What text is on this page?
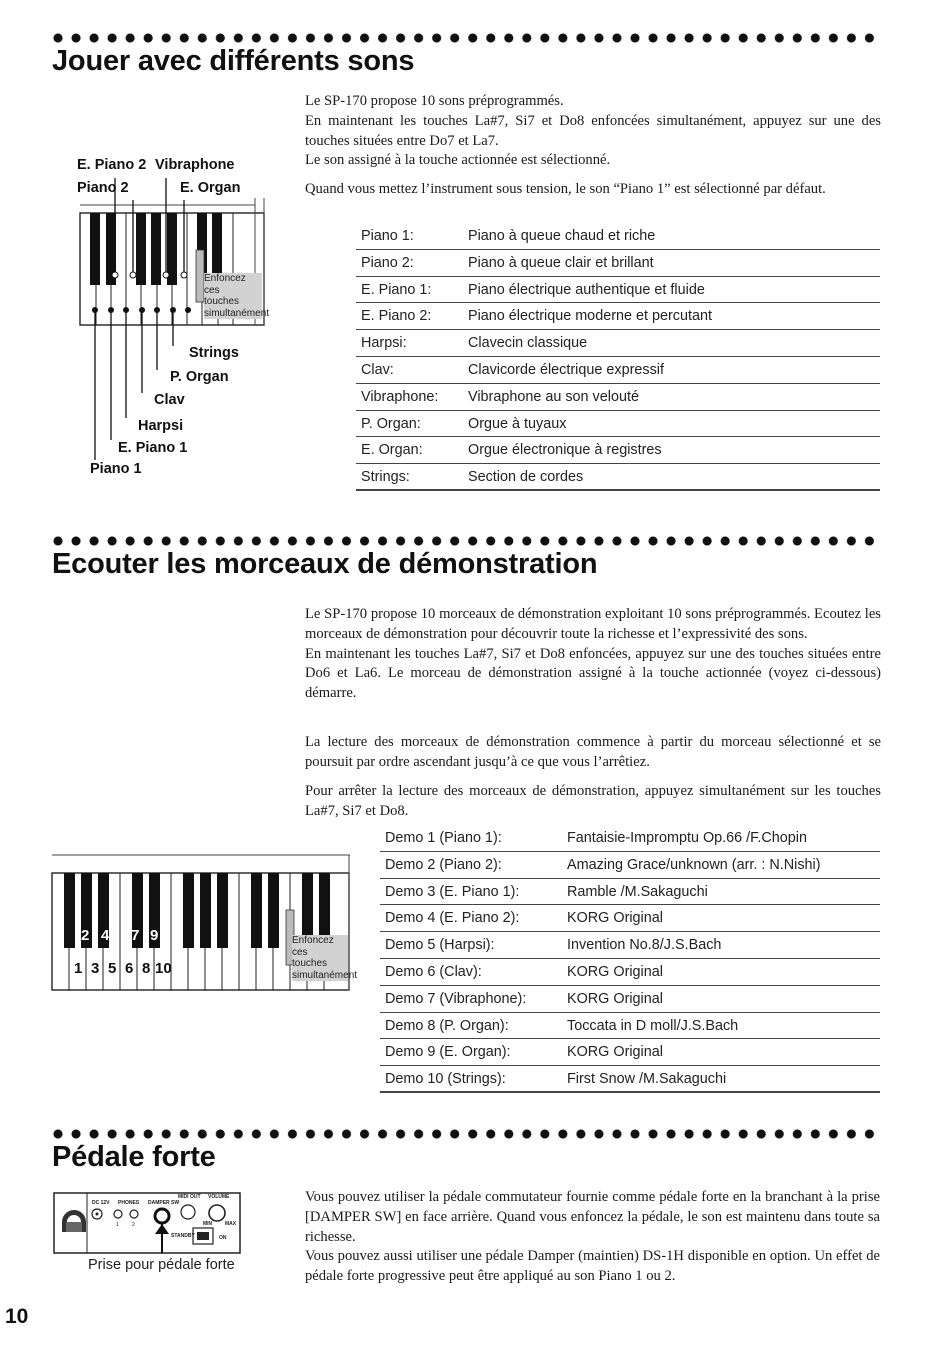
Jouer avec différents sons
Le SP-170 propose 10 sons préprogrammés.
En maintenant les touches La#7, Si7 et Do8 enfoncées simultanément, appuyez sur une des touches situées entre Do7 et La7.
Le son assigné à la touche actionnée est sélectionné.
Quand vous mettez l’instrument sous tension, le son “Piano 1” est sélectionné par défaut.
E. Piano 2 Vibraphone
Piano 2	E. Organ
Strings
P. Organ
Clav
Harpsi
E. Piano 1
Piano 1
Enfoncez
ces
touches
simultanément
Piano 1:	Piano à queue chaud et riche
Piano 2:	Piano à queue clair et brillant
E. Piano 1:	Piano électrique authentique et fluide
E. Piano 2:	Piano électrique moderne et percutant
Harpsi:	Clavecin classique
Clav:	Clavicorde électrique expressif
Vibraphone: Vibraphone au son velouté
P. Organ:	Orgue à tuyaux
E. Organ:	Orgue électronique à registres
Strings:	Section de cordes
Ecouter les morceaux de démonstration
Le SP-170 propose 10 morceaux de démonstration exploitant 10 sons préprogrammés. Ecoutez les morceaux de démonstration pour découvrir toute la richesse et l’expressivité des sons.
En maintenant les touches La#7, Si7 et Do8 enfoncées, appuyez sur une des touches situées entre Do6 et La6. Le morceau de démonstration assigné à la touche actionnée (voyez ci-dessous) démarre.
La lecture des morceaux de démonstration commence à partir du morceau sélectionné et se poursuit par ordre ascendant jusqu’à ce que vous l’arrêtiez.
Pour arrêter la lecture des morceaux de démonstration, appuyez simultanément sur les touches La#7, Si7 et Do8.
2 4 7 9
1 3 5 6 8 10
Enfoncez
ces
touches
simultanément
Demo 1 (Piano 1):	Fantaisie-Impromptu Op.66 /F.Chopin
Demo 2 (Piano 2):	Amazing Grace/unknown (arr. : N.Nishi)
Demo 3 (E. Piano 1):	Ramble /M.Sakaguchi
Demo 4 (E. Piano 2):	KORG Original
Demo 5 (Harpsi):	Invention No.8/J.S.Bach
Demo 6 (Clav):	KORG Original
Demo 7 (Vibraphone):	KORG Original
Demo 8 (P. Organ):	Toccata in D moll/J.S.Bach
Demo 9 (E. Organ):	KORG Original
Demo 10 (Strings):	First Snow /M.Sakaguchi
Pédale forte
Vous pouvez utiliser la pédale commutateur fournie comme pédale forte en la branchant à la prise [DAMPER SW] en face arrière. Quand vous enfoncez la pédale, le son est maintenu dans toute sa richesse.
Vous pouvez aussi utiliser une pédale Damper (maintien) DS-1H disponible en option. Un effet de pédale forte progressive peut être appliqué au son Piano 1 ou 2.
DC 12V PHONES
1	2
DAMPER SW
MIDI OUT VOLUME
MIN	MAX
STANDBY	ON
Prise pour pédale forte
10
